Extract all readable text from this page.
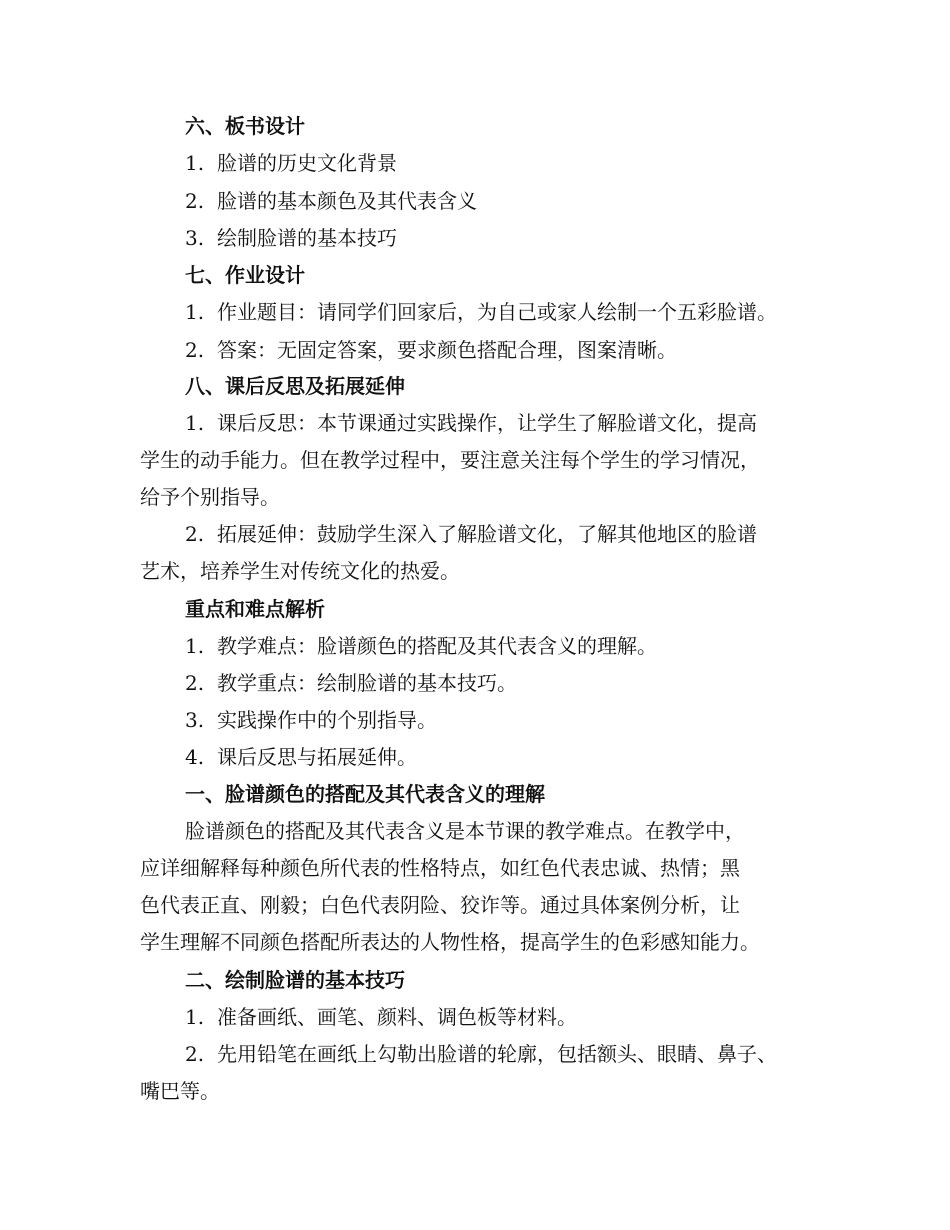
六、板书设计
1. 脸谱的历史文化背景
2. 脸谱的基本颜色及其代表含义
3. 绘制脸谱的基本技巧
七、作业设计
1. 作业题目：请同学们回家后，为自己或家人绘制一个五彩脸谱。
2. 答案：无固定答案，要求颜色搭配合理，图案清晰。
八、课后反思及拓展延伸
1. 课后反思：本节课通过实践操作，让学生了解脸谱文化，提高
学生的动手能力。但在教学过程中，要注意关注每个学生的学习情况，
给予个别指导。
2. 拓展延伸：鼓励学生深入了解脸谱文化，了解其他地区的脸谱
艺术，培养学生对传统文化的热爱。
重点和难点解析
1. 教学难点：脸谱颜色的搭配及其代表含义的理解。
2. 教学重点：绘制脸谱的基本技巧。
3. 实践操作中的个别指导。
4. 课后反思与拓展延伸。
一、脸谱颜色的搭配及其代表含义的理解
脸谱颜色的搭配及其代表含义是本节课的教学难点。在教学中，
应详细解释每种颜色所代表的性格特点，如红色代表忠诚、热情；黑
色代表正直、刚毅；白色代表阴险、狡诈等。通过具体案例分析，让
学生理解不同颜色搭配所表达的人物性格，提高学生的色彩感知能力。
二、绘制脸谱的基本技巧
1. 准备画纸、画笔、颜料、调色板等材料。
2. 先用铅笔在画纸上勾勒出脸谱的轮廓，包括额头、眼睛、鼻子、
嘴巴等。
